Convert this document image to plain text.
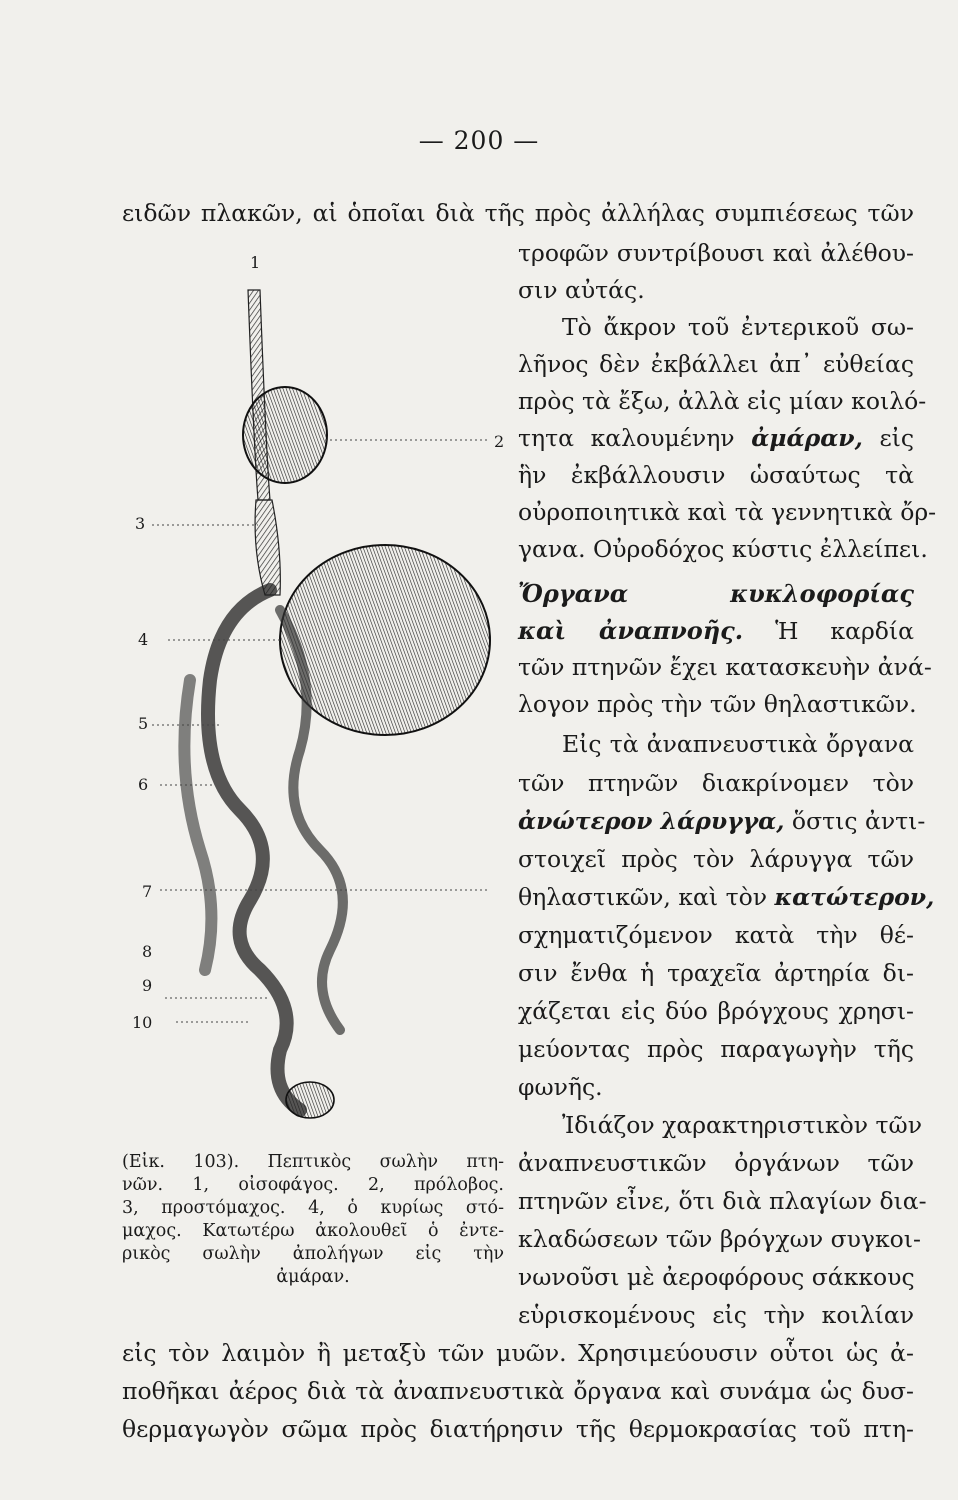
— 200 —
ειδῶν πλακῶν, αἱ ὁποῖαι διὰ τῆς πρὸς ἀλλήλας συμπιέσεως τῶν
τροφῶν συντρίβουσι καὶ ἀλέθου-
σιν αὐτάς.
Τὸ ἄκρον τοῦ ἐντερικοῦ σω-
λῆνος δὲν ἐκβάλλει ἀπ᾿ εὐθείας
πρὸς τὰ ἔξω, ἀλλὰ εἰς μίαν κοιλό-
τητα καλουμένην ἀμάραν, εἰς
ἣν ἐκβάλλουσιν ὡσαύτως τὰ
οὐροποιητικὰ καὶ τὰ γεννητικὰ ὄρ-
γανα. Οὐροδόχος κύστις ἐλλείπει.
Ὄργανα κυκλοφορίας
καὶ ἀναπνοῆς. Ἡ καρδία
τῶν πτηνῶν ἔχει κατασκευὴν ἀνά-
λογον πρὸς τὴν τῶν θηλαστικῶν.
Εἰς τὰ ἀναπνευστικὰ ὄργανα
τῶν πτηνῶν διακρίνομεν τὸν
ἀνώτερον λάρυγγα, ὅστις ἀντι-
στοιχεῖ πρὸς τὸν λάρυγγα τῶν
θηλαστικῶν, καὶ τὸν κατώτερον,
σχηματιζόμενον κατὰ τὴν θέ-
σιν ἔνθα ἡ τραχεῖα ἀρτηρία δι-
χάζεται εἰς δύο βρόγχους χρησι-
μεύοντας πρὸς παραγωγὴν τῆς
φωνῆς.
Ἰδιάζον χαρακτηριστικὸν τῶν
ἀναπνευστικῶν ὀργάνων τῶν
πτηνῶν εἶνε, ὅτι διὰ πλαγίων δια-
κλαδώσεων τῶν βρόγχων συγκοι-
νωνοῦσι μὲ ἀεροφόρους σάκκους
εὑρισκομένους εἰς τὴν κοιλίαν
1
2
3
4
5
6
7
8
9
10
(Εἰκ. 103). Πεπτικὸς σωλὴν πτη-
νῶν. 1, οἰσοφάγος. 2, πρόλοβος.
3, προστόμαχος. 4, ὁ κυρίως στό-
μαχος. Κατωτέρω ἀκολουθεῖ ὁ ἐντε-
ρικὸς σωλὴν ἀπολήγων εἰς τὴν
ἀμάραν.
εἰς τὸν λαιμὸν ἢ μεταξὺ τῶν μυῶν. Χρησιμεύουσιν οὗτοι ὡς ἀ-
ποθῆκαι ἀέρος διὰ τὰ ἀναπνευστικὰ ὄργανα καὶ συνάμα ὡς δυσ-
θερμαγωγὸν σῶμα πρὸς διατήρησιν τῆς θερμοκρασίας τοῦ πτη-
